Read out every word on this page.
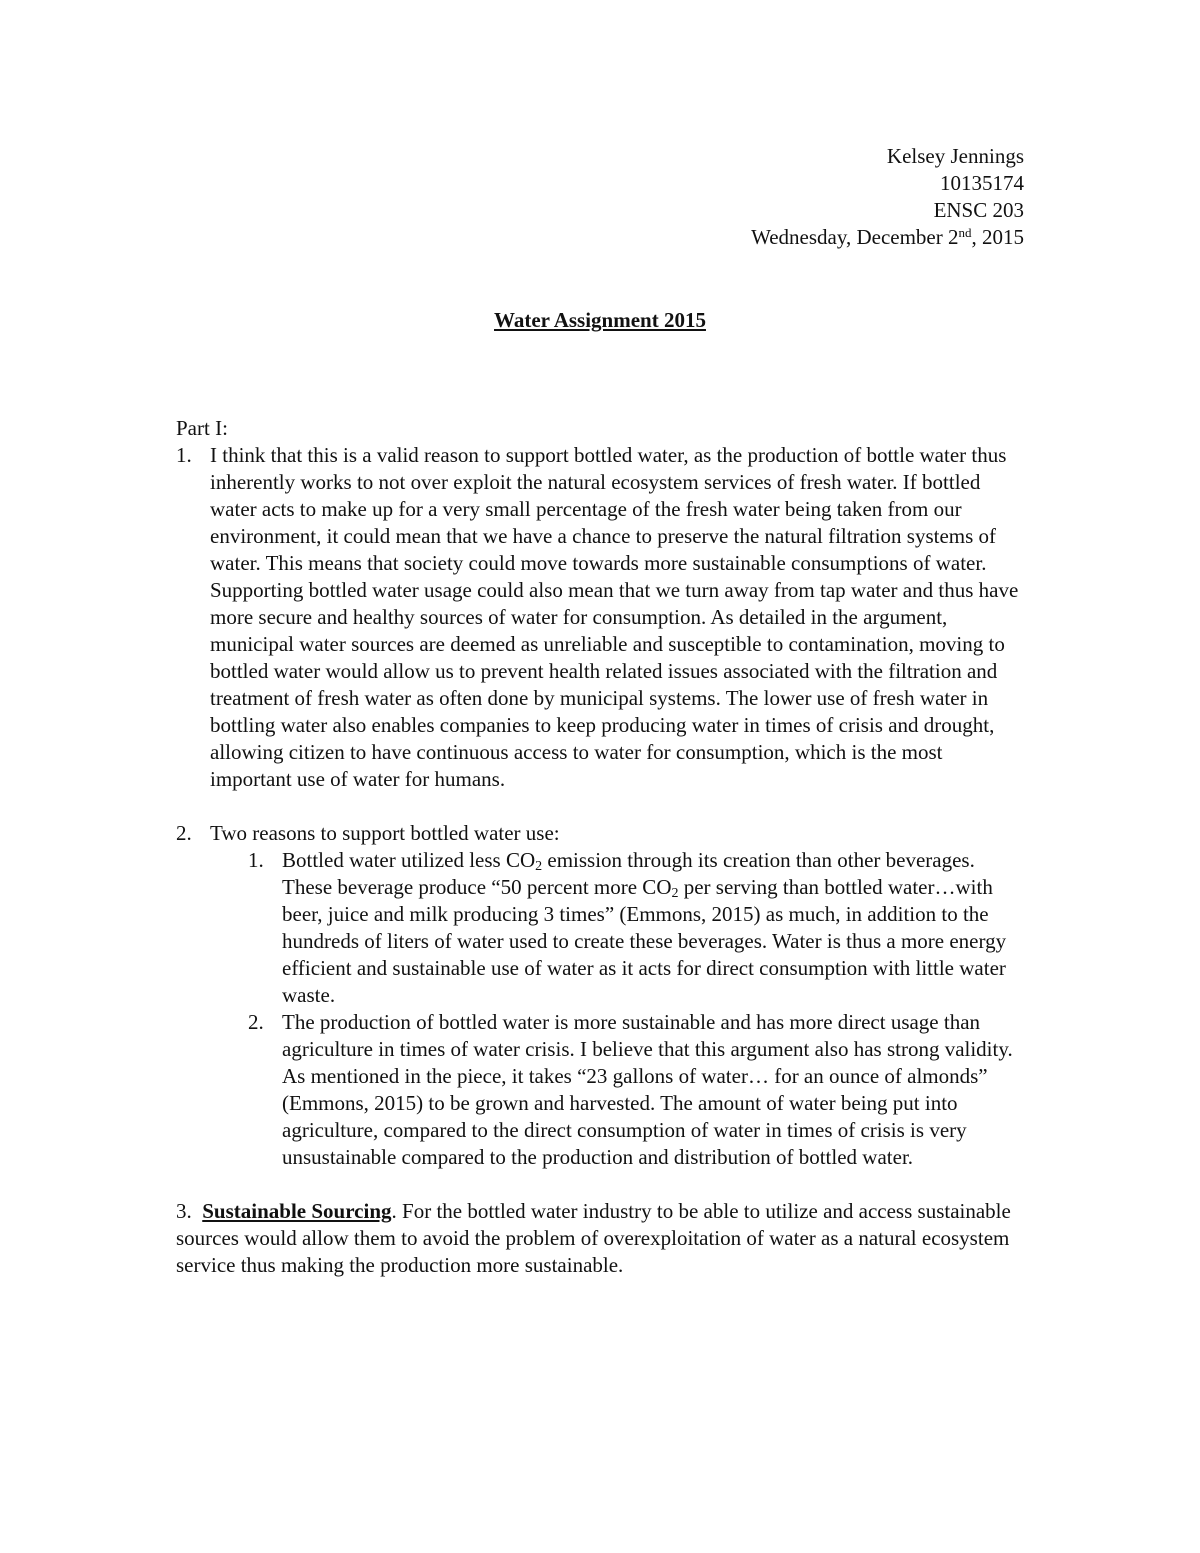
Kelsey Jennings
10135174
ENSC 203
Wednesday, December 2nd, 2015
Water Assignment 2015
Part I:
1. I think that this is a valid reason to support bottled water, as the production of bottle water thus inherently works to not over exploit the natural ecosystem services of fresh water. If bottled water acts to make up for a very small percentage of the fresh water being taken from our environment, it could mean that we have a chance to preserve the natural filtration systems of water. This means that society could move towards more sustainable consumptions of water. Supporting bottled water usage could also mean that we turn away from tap water and thus have more secure and healthy sources of water for consumption. As detailed in the argument, municipal water sources are deemed as unreliable and susceptible to contamination, moving to bottled water would allow us to prevent health related issues associated with the filtration and treatment of fresh water as often done by municipal systems. The lower use of fresh water in bottling water also enables companies to keep producing water in times of crisis and drought, allowing citizen to have continuous access to water for consumption, which is the most important use of water for humans.
2. Two reasons to support bottled water use:
1. Bottled water utilized less $CO_2$ emission through its creation than other beverages. These beverage produce “50 percent more $CO_2$ per serving than bottled water…with beer, juice and milk producing 3 times” (Emmons, 2015) as much, in addition to the hundreds of liters of water used to create these beverages. Water is thus a more energy efficient and sustainable use of water as it acts for direct consumption with little water waste.
2. The production of bottled water is more sustainable and has more direct usage than agriculture in times of water crisis. I believe that this argument also has strong validity. As mentioned in the piece, it takes “23 gallons of water… for an ounce of almonds” (Emmons, 2015) to be grown and harvested. The amount of water being put into agriculture, compared to the direct consumption of water in times of crisis is very unsustainable compared to the production and distribution of bottled water.
3. Sustainable Sourcing. For the bottled water industry to be able to utilize and access sustainable sources would allow them to avoid the problem of overexploitation of water as a natural ecosystem service thus making the production more sustainable.
